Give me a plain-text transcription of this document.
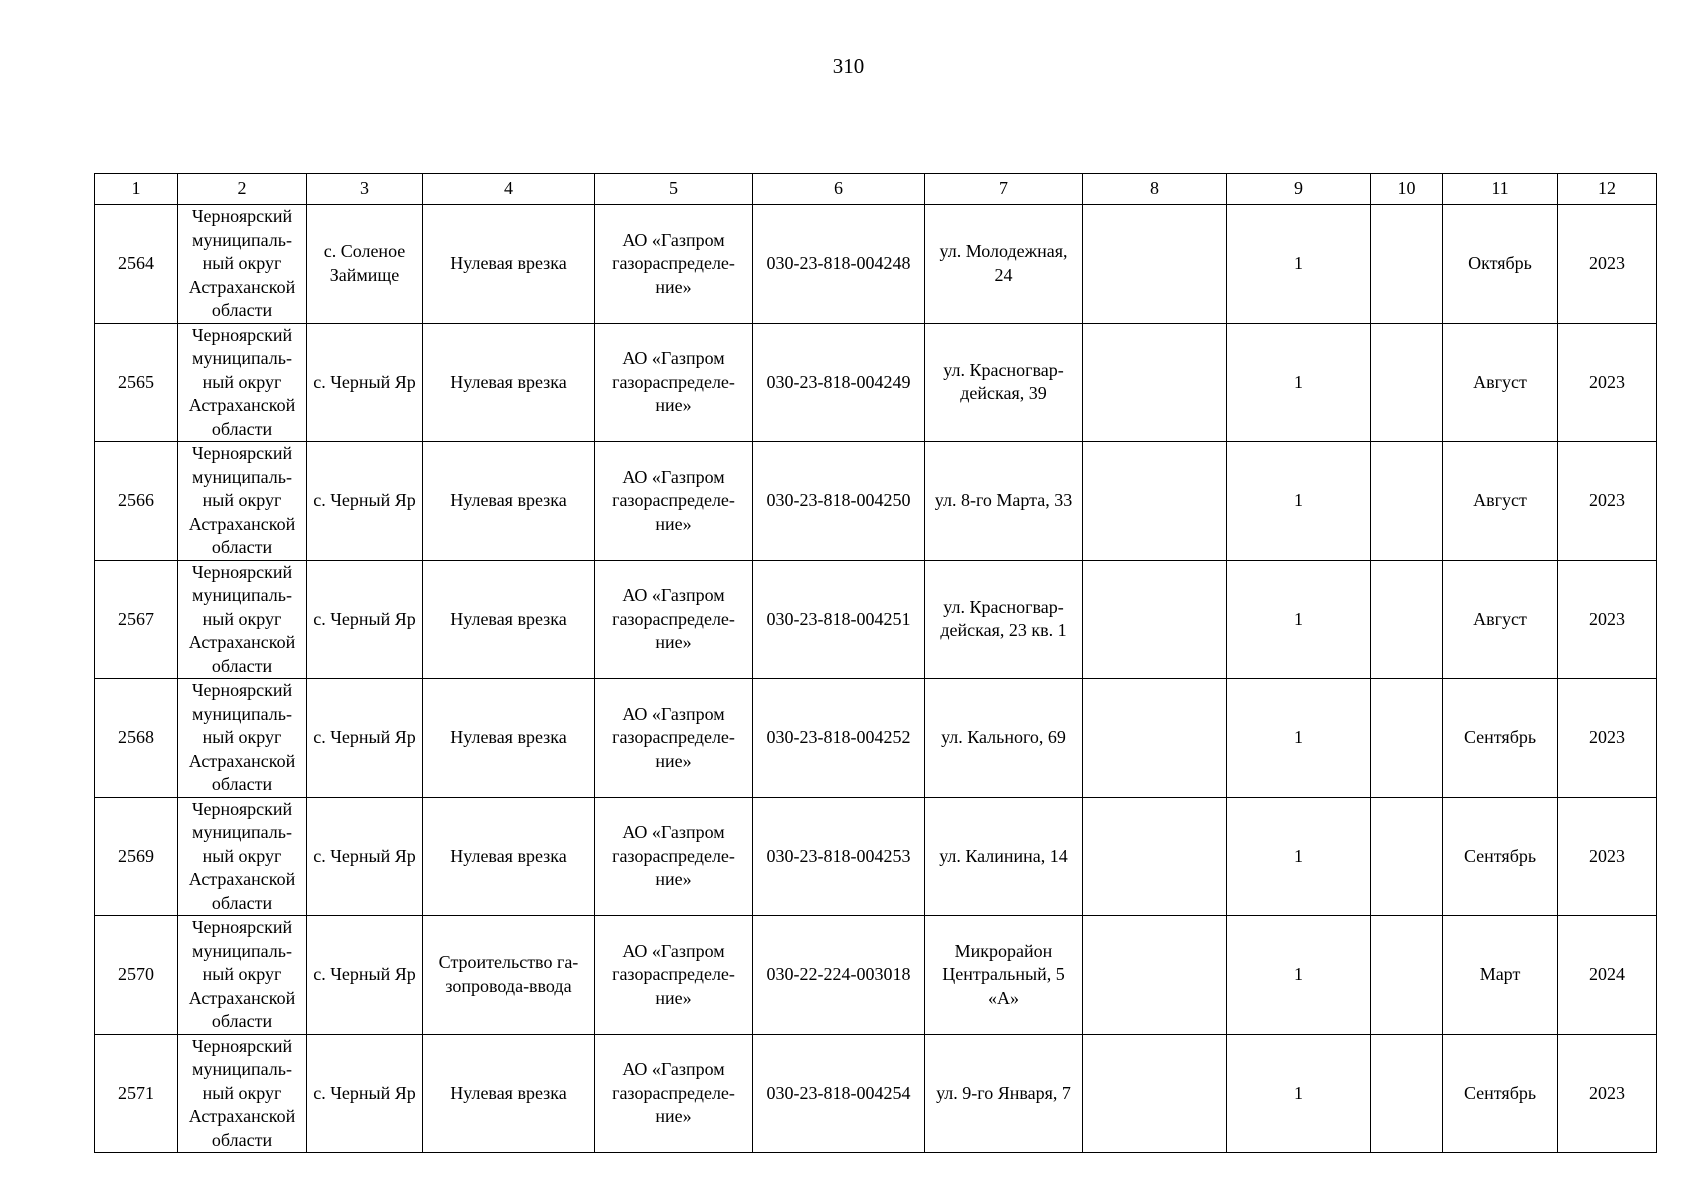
310
1	2	3	4	5	6	7	8	9	10	11	12
2564	Черноярский
муниципаль-
ный округ
Астраханской
области	с. Соленое
Займище	Нулевая врезка	АО «Газпром
газораспределе-
ние»	030-23-818-004248	ул. Молодежная,
24		1		Октябрь	2023
2565	Черноярский
муниципаль-
ный округ
Астраханской
области	с. Черный Яр	Нулевая врезка	АО «Газпром
газораспределе-
ние»	030-23-818-004249	ул. Красногвар-
дейская, 39		1		Август	2023
2566	Черноярский
муниципаль-
ный округ
Астраханской
области	с. Черный Яр	Нулевая врезка	АО «Газпром
газораспределе-
ние»	030-23-818-004250	ул. 8-го Марта, 33		1		Август	2023
2567	Черноярский
муниципаль-
ный округ
Астраханской
области	с. Черный Яр	Нулевая врезка	АО «Газпром
газораспределе-
ние»	030-23-818-004251	ул. Красногвар-
дейская, 23 кв. 1		1		Август	2023
2568	Черноярский
муниципаль-
ный округ
Астраханской
области	с. Черный Яр	Нулевая врезка	АО «Газпром
газораспределе-
ние»	030-23-818-004252	ул. Кального, 69		1		Сентябрь	2023
2569	Черноярский
муниципаль-
ный округ
Астраханской
области	с. Черный Яр	Нулевая врезка	АО «Газпром
газораспределе-
ние»	030-23-818-004253	ул. Калинина, 14		1		Сентябрь	2023
2570	Черноярский
муниципаль-
ный округ
Астраханской
области	с. Черный Яр	Строительство га-
зопровода-ввода	АО «Газпром
газораспределе-
ние»	030-22-224-003018	Микрорайон
Центральный, 5
«А»		1		Март	2024
2571	Черноярский
муниципаль-
ный округ
Астраханской
области	с. Черный Яр	Нулевая врезка	АО «Газпром
газораспределе-
ние»	030-23-818-004254	ул. 9-го Января, 7		1		Сентябрь	2023
